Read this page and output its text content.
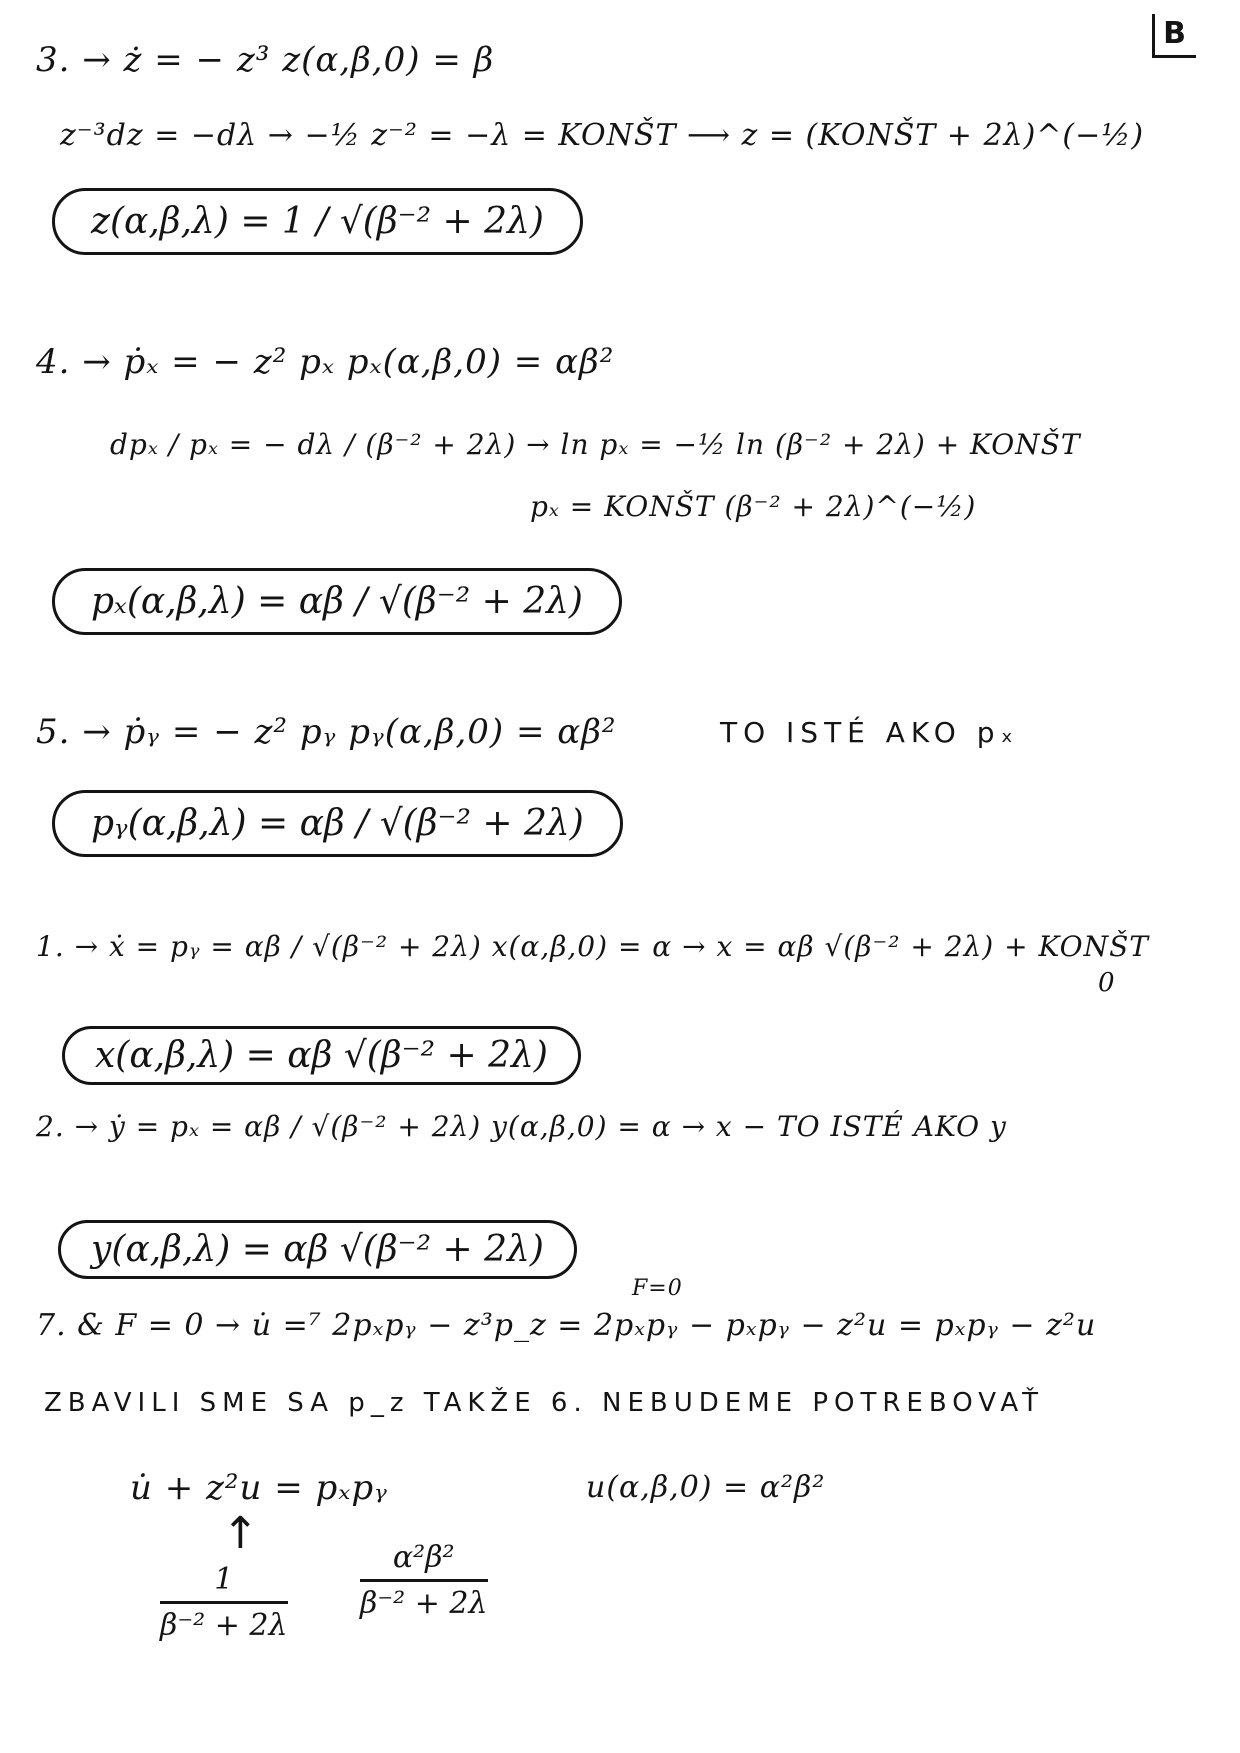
B
3. → ż = − z³ z(α,β,0) = β
z⁻³dz = −dλ → −½ z⁻² = −λ = KONŠT ⟶ z = (KONŠT + 2λ)^(−½)
z(α,β,λ) = 1 / √(β⁻² + 2λ)
4. → ṗₓ = − z² pₓ pₓ(α,β,0) = αβ²
dpₓ / pₓ = − dλ / (β⁻² + 2λ) → ln pₓ = −½ ln (β⁻² + 2λ) + KONŠT
pₓ = KONŠT (β⁻² + 2λ)^(−½)
pₓ(α,β,λ) = αβ / √(β⁻² + 2λ)
5. → ṗᵧ = − z² pᵧ pᵧ(α,β,0) = αβ²	TO ISTÉ AKO pₓ
pᵧ(α,β,λ) = αβ / √(β⁻² + 2λ)
1. → ẋ = pᵧ = αβ / √(β⁻² + 2λ) x(α,β,0) = α → x = αβ √(β⁻² + 2λ) + KONŠT
0
x(α,β,λ) = αβ √(β⁻² + 2λ)
2. → ẏ = pₓ = αβ / √(β⁻² + 2λ) y(α,β,0) = α → x − TO ISTÉ AKO y
y(α,β,λ) = αβ √(β⁻² + 2λ)
F=0
7. & F = 0 → u̇ =⁷ 2pₓpᵧ − z³p_z = 2pₓpᵧ − pₓpᵧ − z²u = pₓpᵧ − z²u
ZBAVILI SME SA p_z TAKŽE 6. NEBUDEME POTREBOVAŤ
u̇ + z²u = pₓpᵧ	u(α,β,0) = α²β²
↑
$\frac{1}{\text{β⁻² + 2λ}} \frac{\text{α²β²}}{\text{β⁻² + 2λ}}$
